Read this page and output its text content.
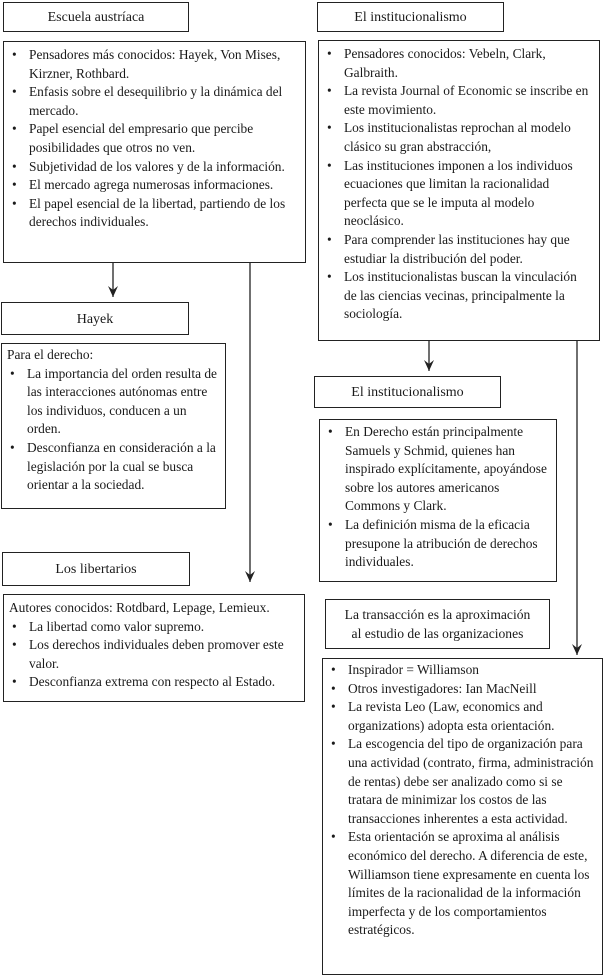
Escuela austríaca
• Pensadores más conocidos: Hayek, Von Mises, Kirzner, Rothbard.
• Enfasis sobre el desequilibrio y la dinámica del mercado.
• Papel esencial del empresario que percibe posibilidades que otros no ven.
• Subjetividad de los valores y de la información.
• El mercado agrega numerosas informaciones.
• El papel esencial de la libertad, partiendo de los derechos individuales.
Hayek

Para el derecho:

• La importancia del orden resulta de las interacciones autónomas entre los individuos, conducen a un orden.
• Desconfianza en consideración a la legislación por la cual se busca orientar a la sociedad.
Los libertarios

Autores conocidos: Rotdbard, Lepage, Lemieux.

• La libertad como valor supremo.
• Los derechos individuales deben promover este valor.
• Desconfianza extrema con respecto al Estado.
El institucionalismo
• Pensadores conocidos: Vebeln, Clark, Galbraith.
• La revista Journal of Economic se inscribe en este movimiento.
• Los institucionalistas reprochan al modelo clásico su gran abstracción,
• Las instituciones imponen a los individuos ecuaciones que limitan la racionalidad perfecta que se le imputa al modelo neoclásico.
• Para comprender las instituciones hay que estudiar la distribución del poder.
• Los institucionalistas buscan la vinculación de las ciencias vecinas, principalmente la sociología.
El institucionalismo
• En Derecho están principalmente Samuels y Schmid, quienes han inspirado explícitamente, apoyándose sobre los autores americanos Commons y Clark.
• La definición misma de la eficacia presupone la atribución de derechos individuales.
La transacción es la aproximación
al estudio de las organizaciones
• Inspirador = Williamson
• Otros investigadores: Ian MacNeill
• La revista Leo (Law, economics and organizations) adopta esta orientación.
• La escogencia del tipo de organización para una actividad (contrato, firma, administración de rentas) debe ser analizado como si se tratara de minimizar los costos de las transacciones inherentes a esta actividad.
• Esta orientación se aproxima al análisis económico del derecho. A diferencia de este, Williamson tiene expresamente en cuenta los límites de la racionalidad de la información imperfecta y de los comportamientos estratégicos.
